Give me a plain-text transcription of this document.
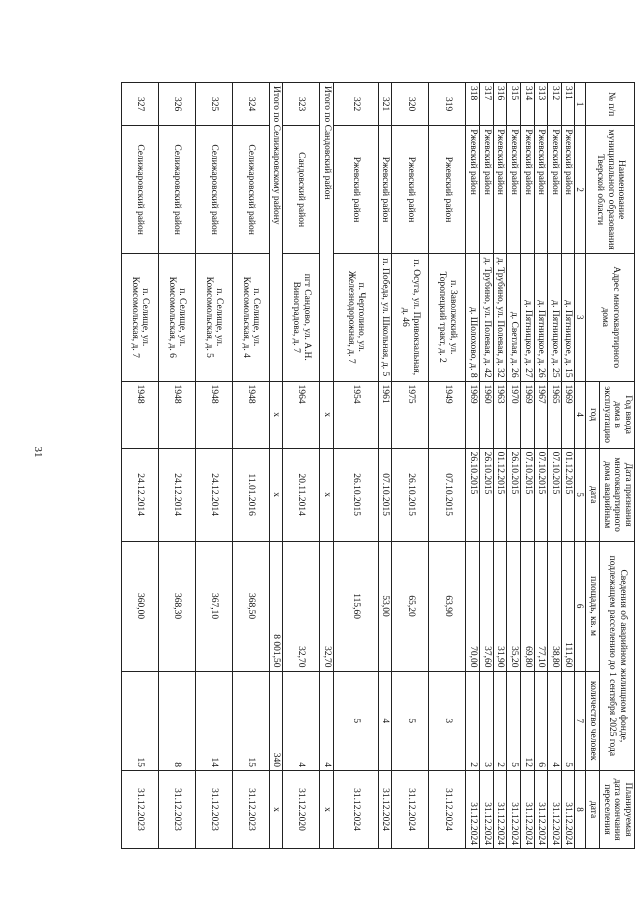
31
№ п/п	Наименование муниципального образования Тверской области	Адрес многоквартирного дома	Год ввода дома в эксплуатацию	Дата признания многоквартирного дома аварийным	Сведения об аварийном жилищном фонде, подлежащем расселению до 1 сентября 2025 года		Планируемая дата окончания переселения
			год	дата	площадь, кв. м	количество человек	дата
1	2	3	4	5	6	7	8
311	Ржевский район	д. Пятницкое, д. 15	1969	01.12.2015	111,60	5	31.12.2024
312	Ржевский район	д. Пятницкое, д. 25	1965	07.10.2015	38,80	4	31.12.2024
313	Ржевский район	д. Пятницкое, д. 26	1967	07.10.2015	77,10	6	31.12.2024
314	Ржевский район	д. Пятницкое, д. 27	1969	07.10.2015	69,80	12	31.12.2024
315	Ржевский район	д. Светлая, д. 26	1970	26.10.2015	35,20	5	31.12.2024
316	Ржевский район	д. Трубино, ул. Полевая, д. 32	1963	01.12.2015	31,90	2	31.12.2024
317	Ржевский район	д. Трубино, ул. Полевая, д. 42	1960	26.10.2015	37,60	3	31.12.2024
318	Ржевский район	д. Шолохово, д. 8	1969	26.10.2015	70,00	2	31.12.2024
319	Ржевский район	п. Заволжский, ул. Торопецкий тракт, д. 2	1949	07.10.2015	63,90	3	31.12.2024
320	Ржевский район	п. Осуга, ул. Привокзальная, д. 46	1975	26.10.2015	65,20	5	31.12.2024
321	Ржевский район	п. Победа, ул. Школьная, д. 5	1961	07.10.2015	53,00	4	31.12.2024
322	Ржевский район	п. Чертолино, ул. Железнодорожная, д. 7	1954	26.10.2015	115,60	5	31.12.2024
Итого по Сандовский район			x	x	32,70	4	x
323	Сандовский район	пгт Сандово, ул. А.Н. Виноградова, д. 7	1964	20.11.2014	32,70	4	31.12.2020
Итого по Селижаровскому району			x	x	8 001,50	340	x
324	Селижаровский район	п. Селище, ул. Комсомольская, д. 4	1948	11.01.2016	368,50	15	31.12.2023
325	Селижаровский район	п. Селище, ул. Комсомольская, д. 5	1948	24.12.2014	367,10	14	31.12.2023
326	Селижаровский район	п. Селище, ул. Комсомольская, д. 6	1948	24.12.2014	368,30	8	31.12.2023
327	Селижаровский район	п. Селище, ул. Комсомольская, д. 7	1948	24.12.2014	360,00	15	31.12.2023
